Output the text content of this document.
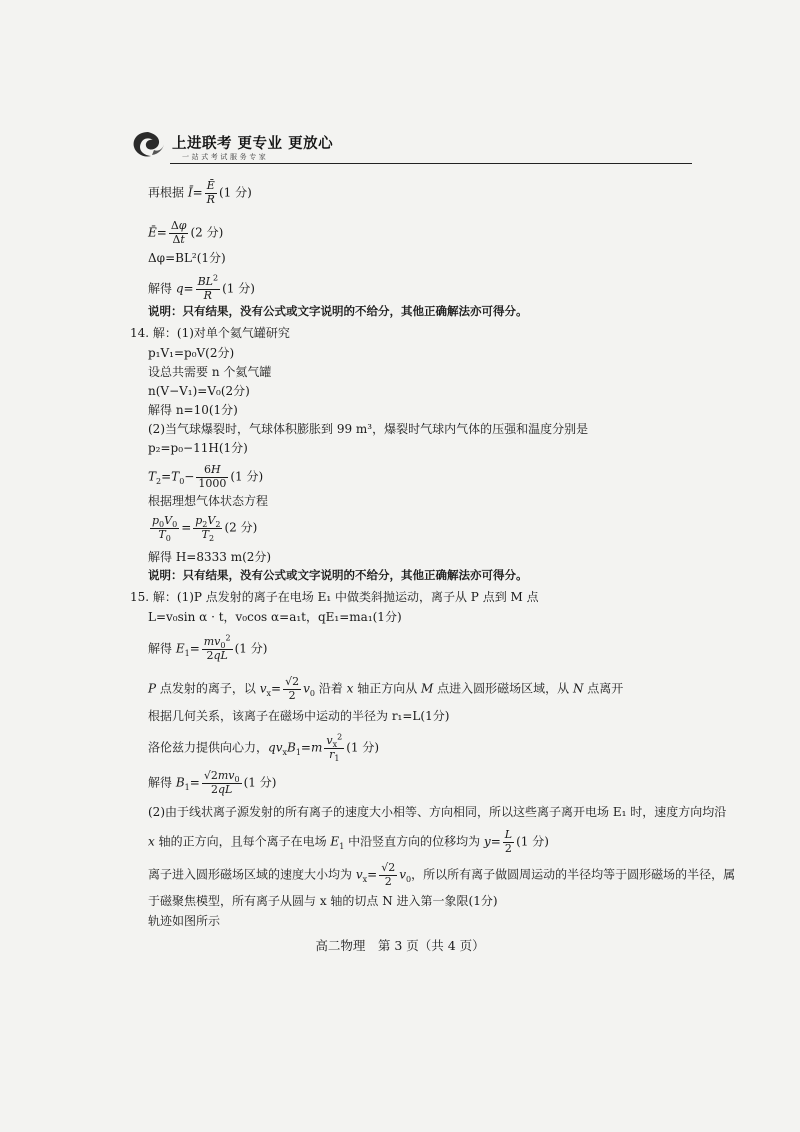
上进联考 更专业 更放心
一站式考试服务专家
再根据 Ī= $\frac{Ē}{R} (1$ 分)
Ē= $\frac{\Delta\varphi}{\Delta t} (2$ 分)
Δφ=BL²(1分)
解得 $q= \frac{BL^2}{R} (1$ 分)
说明：只有结果，没有公式或文字说明的不给分，其他正确解法亦可得分。
14. 解：(1)对单个氦气罐研究
p₁V₁=p₀V(2分)
设总共需要 n 个氦气罐
n(V−V₁)=V₀(2分)
解得 n=10(1分)
(2)当气球爆裂时，气球体积膨胀到 99 m³，爆裂时气球内气体的压强和温度分别是
p₂=p₀−11H(1分)
$T_2=T_0- \frac{6H}{1000} (1$ 分)
根据理想气体状态方程
$\frac{p_0V_0}{T_0} = \frac{p_2V_2}{T_2} (2$ 分)
解得 H=8333 m(2分)
说明：只有结果，没有公式或文字说明的不给分，其他正确解法亦可得分。
15. 解：(1)P 点发射的离子在电场 E₁ 中做类斜抛运动，离子从 P 点到 M 点
L=v₀sin α · t，v₀cos α=a₁t，qE₁=ma₁(1分)
解得 $E_1= \frac{mv_0^2}{2qL} (1$ 分)
P 点发射的离子，以 $v_x= \frac{√2}{2} v_0$ 沿着 x 轴正方向从 M 点进入圆形磁场区域，从 N 点离开
根据几何关系，该离子在磁场中运动的半径为 r₁=L(1分)
洛伦兹力提供向心力，$qv_xB_1=m \frac{v_x^2}{r_1} (1$ 分)
解得 $B_1= \frac{√2mv_0}{2qL} (1$ 分)
(2)由于线状离子源发射的所有离子的速度大小相等、方向相同，所以这些离子离开电场 E₁ 时，速度方向均沿
x 轴的正方向，且每个离子在电场 $E_1$ 中沿竖直方向的位移均为 $y= \frac{L}{2} (1$ 分)
离子进入圆形磁场区域的速度大小均为 $v_x= \frac{√2}{2} v_0$，所以所有离子做圆周运动的半径均等于圆形磁场的半径，属
于磁聚焦模型，所有离子从圆与 x 轴的切点 N 进入第一象限(1分)
轨迹如图所示
高二物理　第 3 页（共 4 页）
